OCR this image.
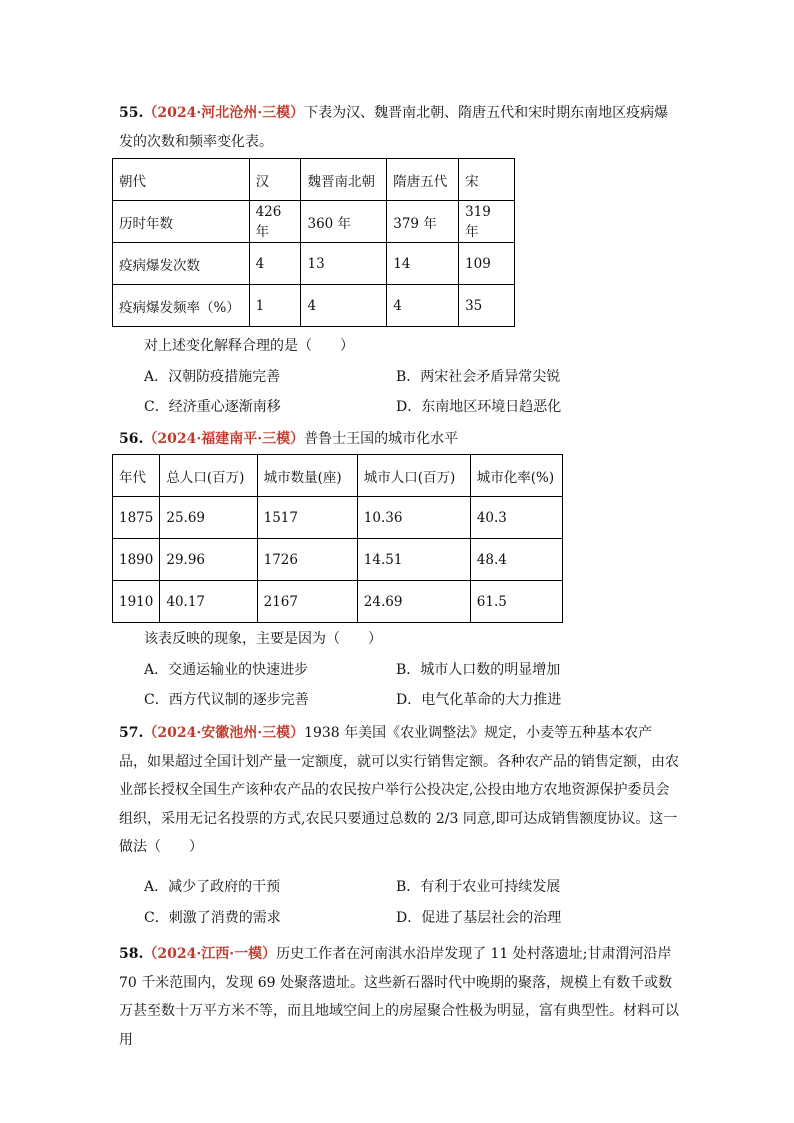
55.（2024·河北沧州·三模）下表为汉、魏晋南北朝、隋唐五代和宋时期东南地区疫病爆发的次数和频率变化表。
朝代	汉	魏晋南北朝	隋唐五代	宋
历时年数	426 年	360 年	379 年	319 年
疫病爆发次数	4	13	14	109
疫病爆发频率（%）	1	4	4	35
对上述变化解释合理的是（　　）
A．汉朝防疫措施完善	B．两宋社会矛盾异常尖锐
C．经济重心逐渐南移	D．东南地区环境日趋恶化
56.（2024·福建南平·三模）普鲁士王国的城市化水平
年代	总人口(百万)	城市数量(座)	城市人口(百万)	城市化率(%)
1875	25.69	1517	10.36	40.3
1890	29.96	1726	14.51	48.4
1910	40.17	2167	24.69	61.5
该表反映的现象，主要是因为（　　）
A．交通运输业的快速进步	B．城市人口数的明显增加
C．西方代议制的逐步完善	D．电气化革命的大力推进
57.（2024·安徽池州·三模）1938 年美国《农业调整法》规定，小麦等五种基本农产品，如果超过全国计划产量一定额度，就可以实行销售定额。各种农产品的销售定额，由农业部长授权全国生产该种农产品的农民按户举行公投决定,公投由地方农地资源保护委员会组织，采用无记名投票的方式,农民只要通过总数的 2/3 同意,即可达成销售额度协议。这一做法（　　）
A．减少了政府的干预	B．有利于农业可持续发展
C．刺激了消费的需求	D．促进了基层社会的治理
58.（2024·江西·一模）历史工作者在河南淇水沿岸发现了 11 处村落遗址;甘肃渭河沿岸 70 千米范围内，发现 69 处聚落遗址。这些新石器时代中晚期的聚落，规模上有数千或数万甚至数十万平方米不等，而且地域空间上的房屋聚合性极为明显，富有典型性。材料可以用
